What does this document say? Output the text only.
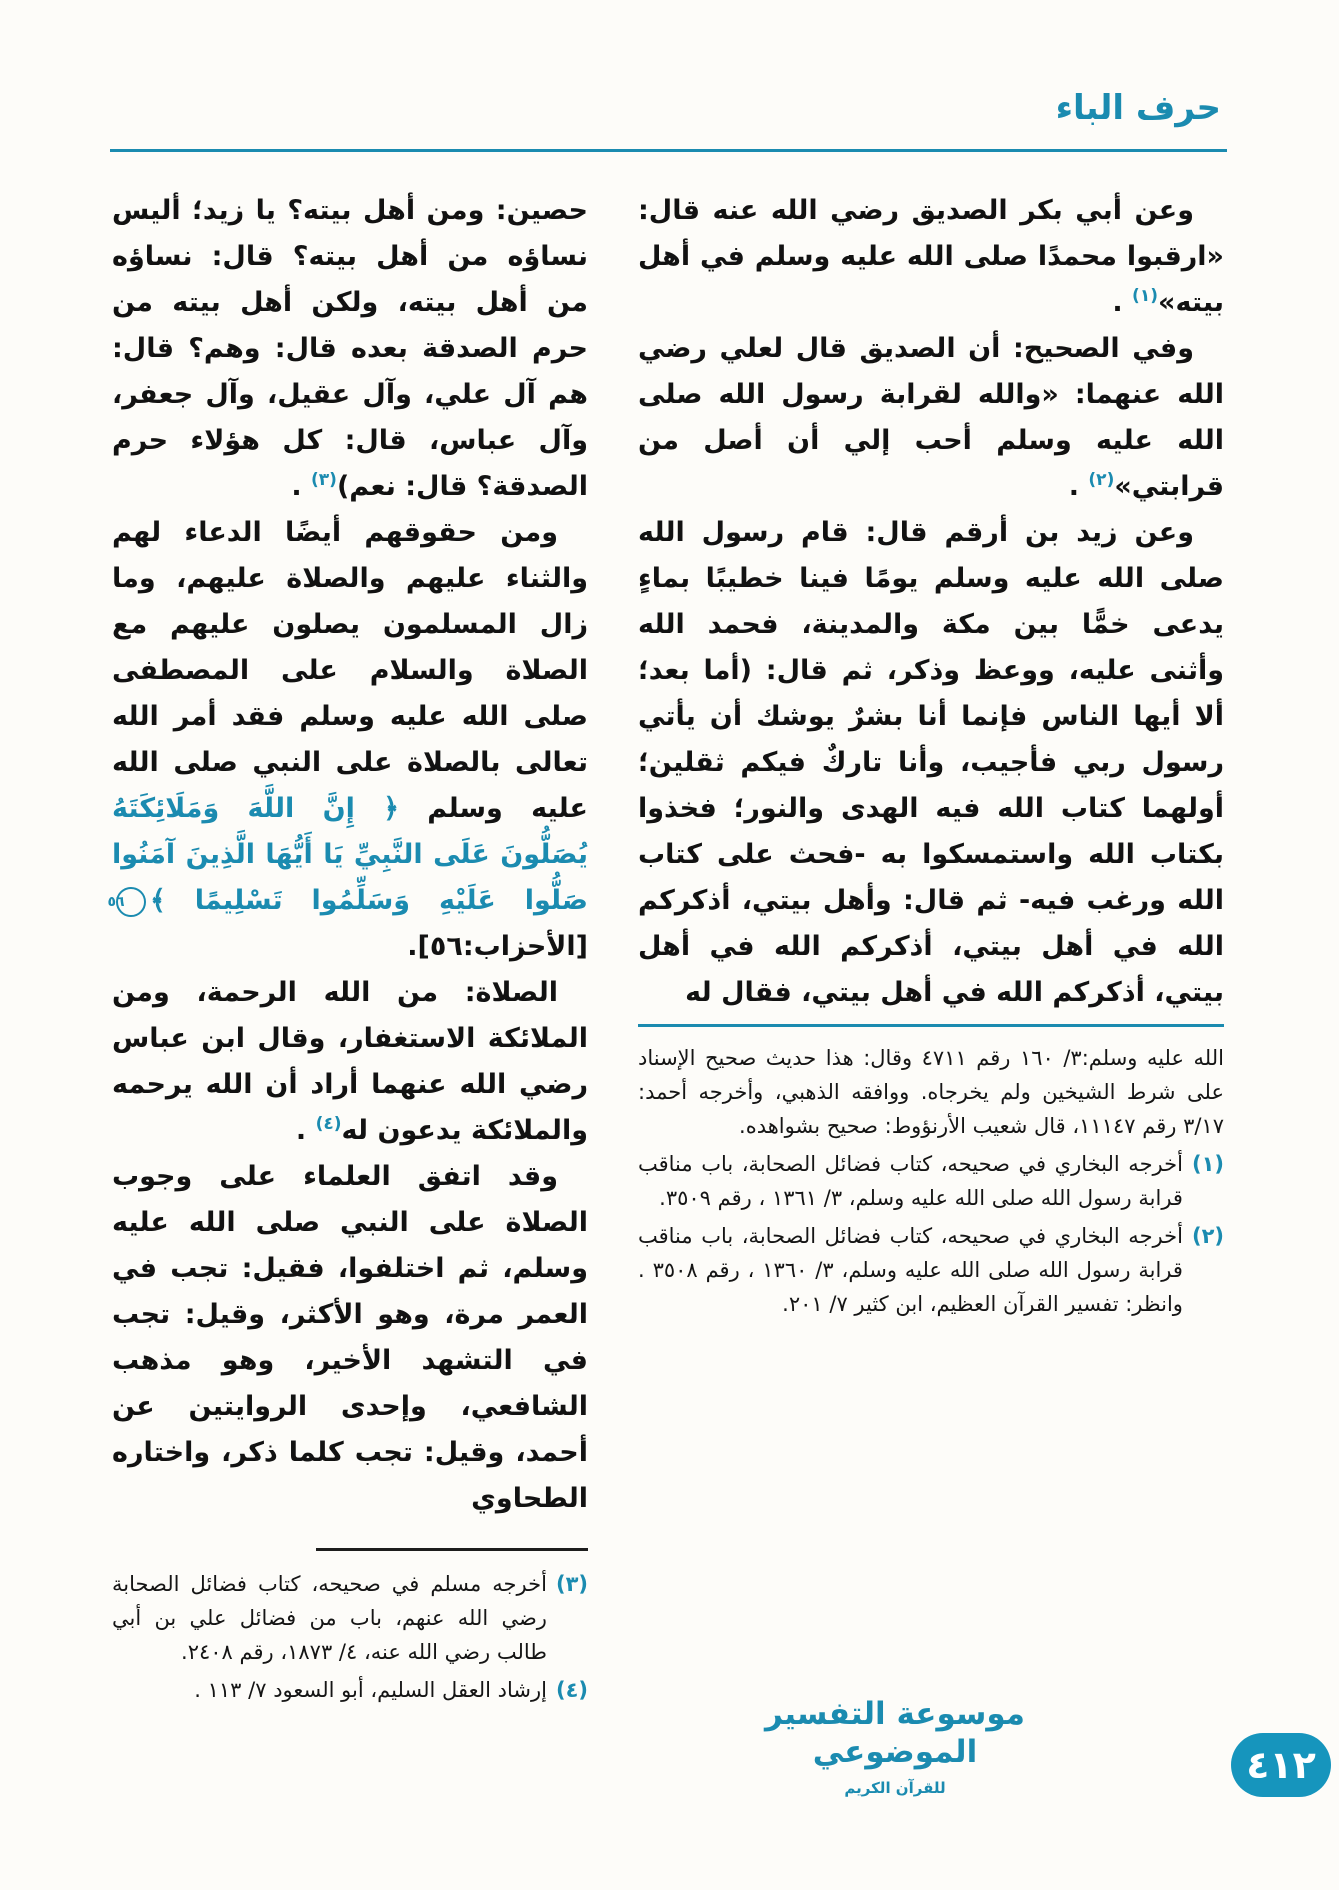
حرف الباء

وعن أبي بكر الصديق رضي الله عنه قال: «ارقبوا محمدًا صلى الله عليه وسلم في أهل بيته»$^{(١)}$ .

وفي الصحيح: أن الصديق قال لعلي رضي الله عنهما: «والله لقرابة رسول الله صلى الله عليه وسلم أحب إلي أن أصل من قرابتي»$^{(٢)}$ .

وعن زيد بن أرقم قال: قام رسول الله صلى الله عليه وسلم يومًا فينا خطيبًا بماءٍ يدعى خمًّا بين مكة والمدينة، فحمد الله وأثنى عليه، ووعظ وذكر، ثم قال: (أما بعد؛ ألا أيها الناس فإنما أنا بشرٌ يوشك أن يأتي رسول ربي فأجيب، وأنا تاركٌ فيكم ثقلين؛ أولهما كتاب الله فيه الهدى والنور؛ فخذوا بكتاب الله واستمسكوا به -فحث على كتاب الله ورغب فيه- ثم قال: وأهل بيتي، أذكركم الله في أهل بيتي، أذكركم الله في أهل بيتي، أذكركم الله في أهل بيتي، فقال له

الله عليه وسلم:٣/ ١٦٠ رقم ٤٧١١ وقال: هذا حديث صحيح الإسناد على شرط الشيخين ولم يخرجاه. ووافقه الذهبي، وأخرجه أحمد: ٣/١٧ رقم ١١١٤٧، قال شعيب الأرنؤوط: صحيح بشواهده.

(١)
أخرجه البخاري في صحيحه، كتاب فضائل الصحابة، باب مناقب قرابة رسول الله صلى الله عليه وسلم، ٣/ ١٣٦١ ، رقم ٣٥٠٩.
(٢)
أخرجه البخاري في صحيحه، كتاب فضائل الصحابة، باب مناقب قرابة رسول الله صلى الله عليه وسلم، ٣/ ١٣٦٠ ، رقم ٣٥٠٨ . وانظر: تفسير القرآن العظيم، ابن كثير ٧/ ٢٠١.

حصين: ومن أهل بيته؟ يا زيد؛ أليس نساؤه من أهل بيته؟ قال: نساؤه من أهل بيته، ولكن أهل بيته من حرم الصدقة بعده قال: وهم؟ قال: هم آل علي، وآل عقيل، وآل جعفر، وآل عباس، قال: كل هؤلاء حرم الصدقة؟ قال: نعم)$^{(٣)}$ .

ومن حقوقهم أيضًا الدعاء لهم والثناء عليهم والصلاة عليهم، وما زال المسلمون يصلون عليهم مع الصلاة والسلام على المصطفى صلى الله عليه وسلم فقد أمر الله تعالى بالصلاة على النبي صلى الله عليه وسلم ﴿ إِنَّ اللَّهَ وَمَلَائِكَتَهُ يُصَلُّونَ عَلَى النَّبِيِّ يَا أَيُّهَا الَّذِينَ آمَنُوا صَلُّوا عَلَيْهِ وَسَلِّمُوا تَسْلِيمًا ﴾
٥٦
[الأحزاب:٥٦].

الصلاة: من الله الرحمة، ومن الملائكة الاستغفار، وقال ابن عباس رضي الله عنهما أراد أن الله يرحمه والملائكة يدعون له$^{(٤)}$ .

وقد اتفق العلماء على وجوب الصلاة على النبي صلى الله عليه وسلم، ثم اختلفوا، فقيل: تجب في العمر مرة، وهو الأكثر، وقيل: تجب في التشهد الأخير، وهو مذهب الشافعي، وإحدى الروايتين عن أحمد، وقيل: تجب كلما ذكر، واختاره الطحاوي

(٣)
أخرجه مسلم في صحيحه، كتاب فضائل الصحابة رضي الله عنهم، باب من فضائل علي بن أبي طالب رضي الله عنه، ٤/ ١٨٧٣، رقم ٢٤٠٨.
(٤)
إرشاد العقل السليم، أبو السعود ٧/ ١١٣ .
موسوعة التفسير الموضوعي
للقرآن الكريم
٤١٢
